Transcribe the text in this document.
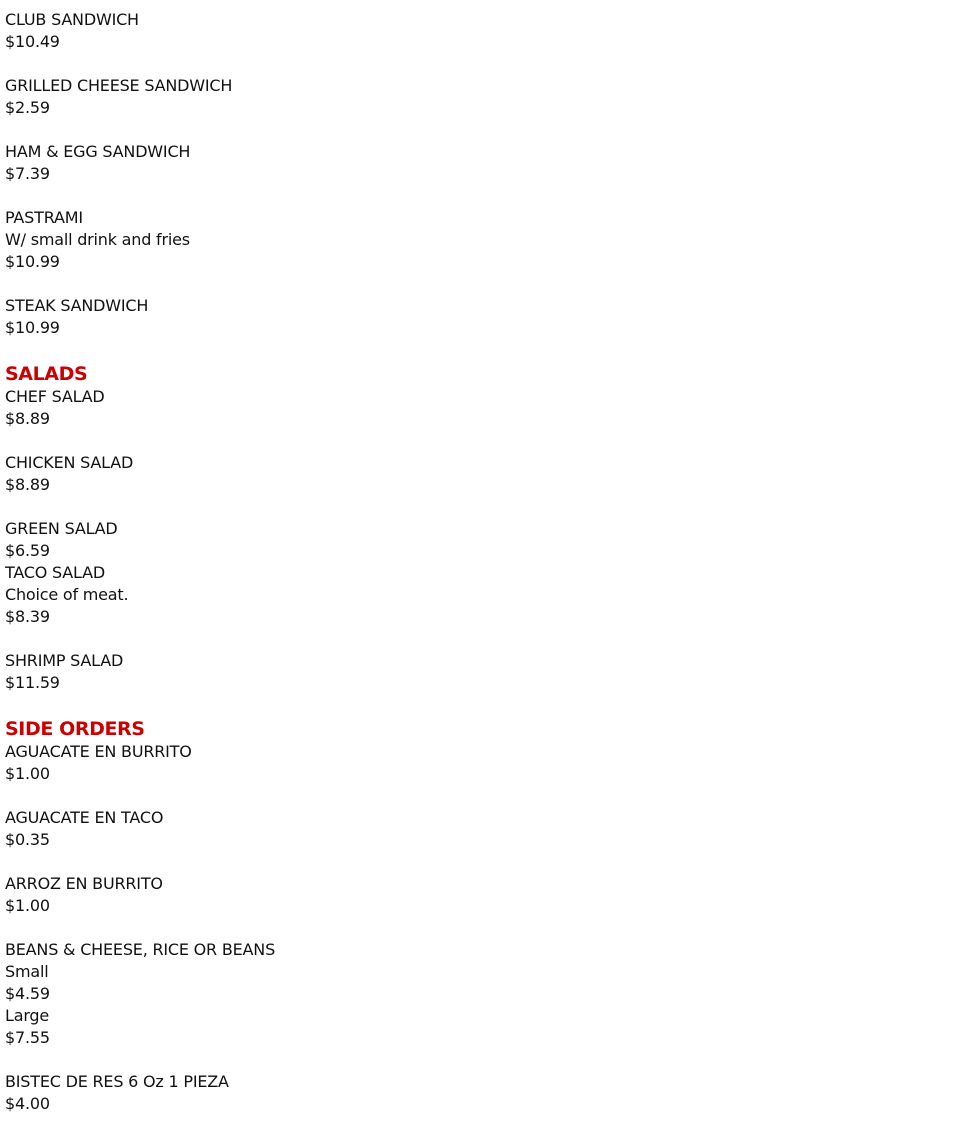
CLUB SANDWICH
$10.49
GRILLED CHEESE SANDWICH
$2.59
HAM & EGG SANDWICH
$7.39
PASTRAMI
W/ small drink and fries
$10.99
STEAK SANDWICH
$10.99
SALADS
CHEF SALAD
$8.89
CHICKEN SALAD
$8.89
GREEN SALAD
$6.59
TACO SALAD
Choice of meat.
$8.39
SHRIMP SALAD
$11.59
SIDE ORDERS
AGUACATE EN BURRITO
$1.00
AGUACATE EN TACO
$0.35
ARROZ EN BURRITO
$1.00
BEANS & CHEESE, RICE OR BEANS
Small
$4.59
Large
$7.55
BISTEC DE RES 6 Oz 1 PIEZA
$4.00
